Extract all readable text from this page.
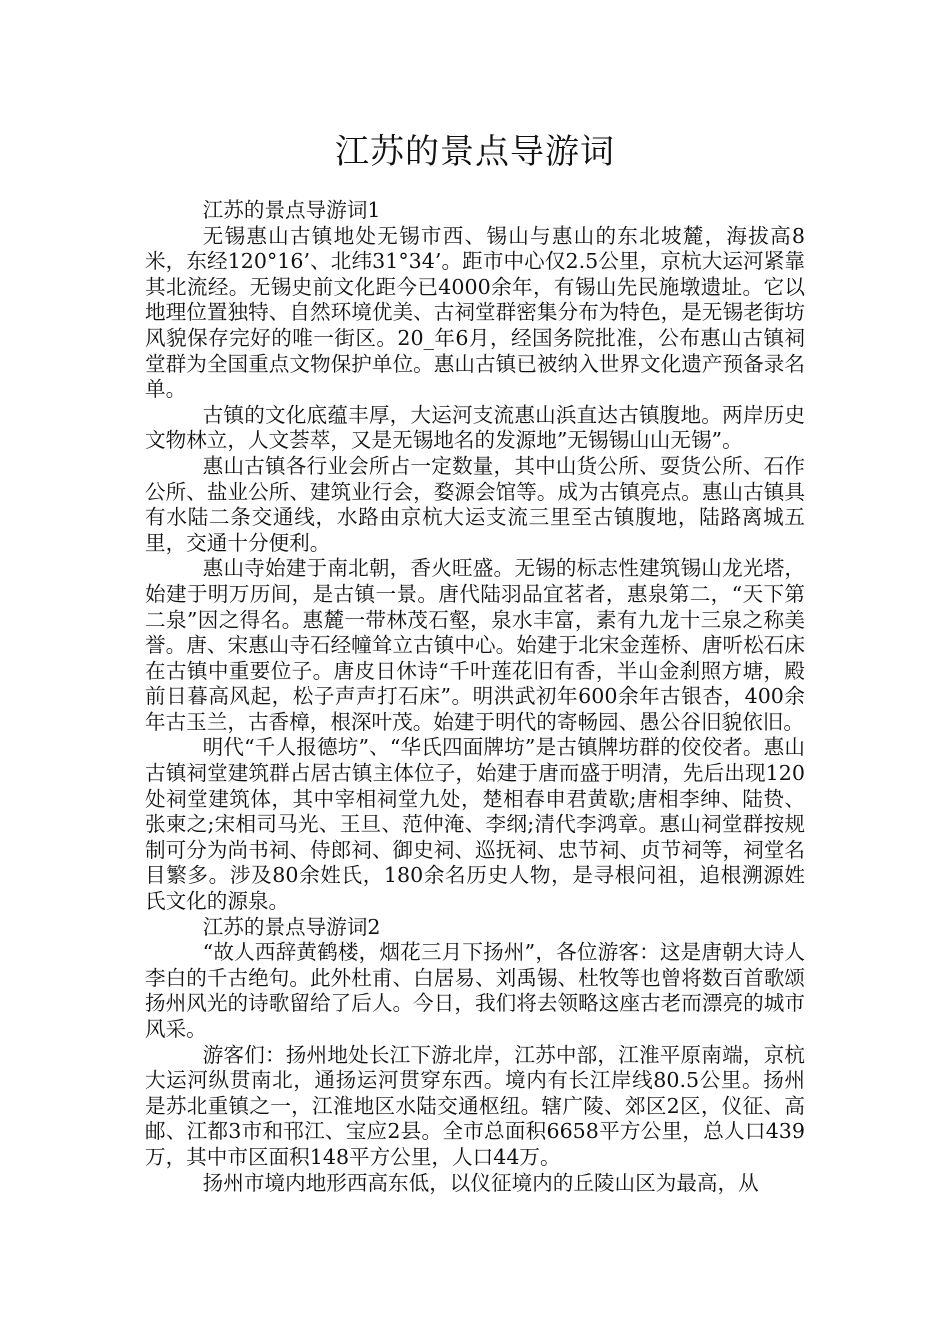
江苏的景点导游词

江苏的景点导游词1

无锡惠山古镇地处无锡市西、锡山与惠山的东北坡麓，海拔高8米，东经120°16’、北纬31°34’。距市中心仅2.5公里，京杭大运河紧靠其北流经。无锡史前文化距今已4000余年，有锡山先民施墩遗址。它以地理位置独特、自然环境优美、古祠堂群密集分布为特色，是无锡老街坊风貌保存完好的唯一街区。20_年6月，经国务院批准，公布惠山古镇祠堂群为全国重点文物保护单位。惠山古镇已被纳入世界文化遗产预备录名单。

古镇的文化底蕴丰厚，大运河支流惠山浜直达古镇腹地。两岸历史文物林立，人文荟萃，又是无锡地名的发源地”无锡锡山山无锡”。

惠山古镇各行业会所占一定数量，其中山货公所、耍货公所、石作公所、盐业公所、建筑业行会，婺源会馆等。成为古镇亮点。惠山古镇具有水陆二条交通线，水路由京杭大运支流三里至古镇腹地，陆路离城五里，交通十分便利。

惠山寺始建于南北朝，香火旺盛。无锡的标志性建筑锡山龙光塔，始建于明万历间，是古镇一景。唐代陆羽品宜茗者，惠泉第二，“天下第二泉”因之得名。惠麓一带林茂石壑，泉水丰富，素有九龙十三泉之称美誉。唐、宋惠山寺石经幢耸立古镇中心。始建于北宋金莲桥、唐听松石床在古镇中重要位子。唐皮日休诗“千叶莲花旧有香，半山金刹照方塘，殿前日暮高风起，松子声声打石床”。明洪武初年600余年古银杏，400余年古玉兰，古香樟，根深叶茂。始建于明代的寄畅园、愚公谷旧貌依旧。

明代“千人报德坊”、“华氏四面牌坊”是古镇牌坊群的佼佼者。惠山古镇祠堂建筑群占居古镇主体位子，始建于唐而盛于明清，先后出现120处祠堂建筑体，其中宰相祠堂九处，楚相春申君黄歇;唐相李绅、陆贽、张柬之;宋相司马光、王旦、范仲淹、李纲;清代李鸿章。惠山祠堂群按规制可分为尚书祠、侍郎祠、御史祠、巡抚祠、忠节祠、贞节祠等，祠堂名目繁多。涉及80余姓氏，180余名历史人物，是寻根问祖，追根溯源姓氏文化的源泉。

江苏的景点导游词2

“故人西辞黄鹤楼，烟花三月下扬州”，各位游客：这是唐朝大诗人李白的千古绝句。此外杜甫、白居易、刘禹锡、杜牧等也曾将数百首歌颂扬州风光的诗歌留给了后人。今日，我们将去领略这座古老而漂亮的城市风采。

游客们：扬州地处长江下游北岸，江苏中部，江淮平原南端，京杭大运河纵贯南北，通扬运河贯穿东西。境内有长江岸线80.5公里。扬州是苏北重镇之一，江淮地区水陆交通枢纽。辖广陵、郊区2区，仪征、高邮、江都3市和邗江、宝应2县。全市总面积6658平方公里，总人口439万，其中市区面积148平方公里，人口44万。

扬州市境内地形西高东低，以仪征境内的丘陵山区为最高，从
